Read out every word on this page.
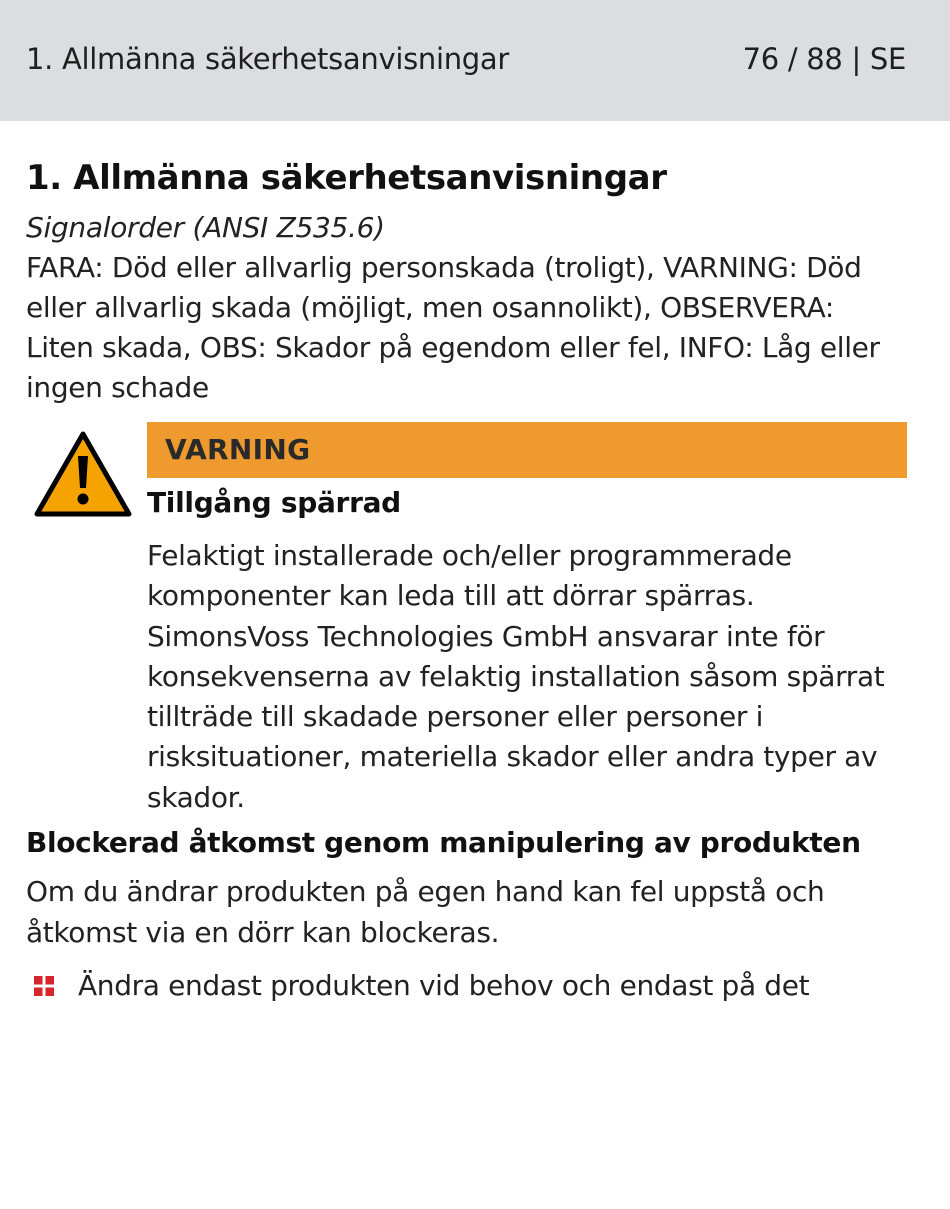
1. Allmänna säkerhetsanvisningar	76 / 88 | SE
1. Allmänna säkerhetsanvisningar
Signalorder (ANSI Z535.6)
FARA: Död eller allvarlig personskada (troligt), VARNING: Död eller allvarlig skada (möjligt, men osannolikt), OBSERVERA: Liten skada, OBS: Skador på egendom eller fel, INFO: Låg eller ingen schade
VARNING
Tillgång spärrad
Felaktigt installerade och/eller programmerade komponenter kan leda till att dörrar spärras. SimonsVoss Technologies GmbH ansvarar inte för konsekvenserna av felaktig installation såsom spärrat tillträde till skadade personer eller personer i risksituationer, materiella skador eller andra typer av skador.
Blockerad åtkomst genom manipulering av produkten
Om du ändrar produkten på egen hand kan fel uppstå och åtkomst via en dörr kan blockeras.
Ändra endast produkten vid behov och endast på det
